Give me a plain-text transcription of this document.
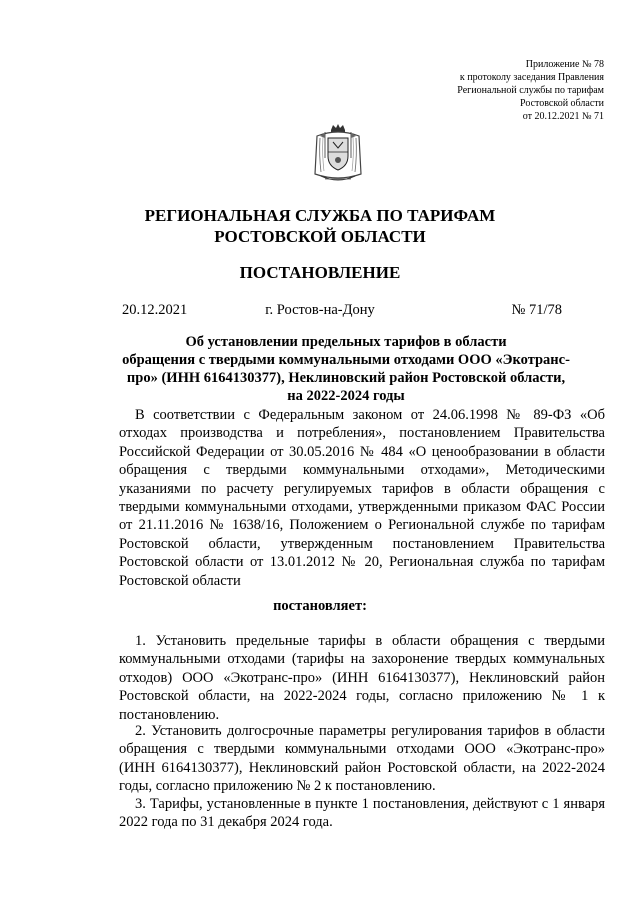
Приложение № 78
к протоколу заседания Правления
Региональной службы по тарифам
Ростовской области
от 20.12.2021 № 71
РЕГИОНАЛЬНАЯ СЛУЖБА ПО ТАРИФАМ
РОСТОВСКОЙ ОБЛАСТИ
ПОСТАНОВЛЕНИЕ
20.12.2021	г. Ростов-на-Дону	№ 71/78
Об установлении предельных тарифов в области
обращения с твердыми коммунальными отходами ООО «Экотранс-
про» (ИНН 6164130377), Неклиновский район Ростовской области,
на 2022-2024 годы
В соответствии с Федеральным законом от 24.06.1998 № 89-ФЗ «Об отходах производства и потребления», постановлением Правительства Российской Федерации от 30.05.2016 № 484 «О ценообразовании в области обращения с твердыми коммунальными отходами», Методическими указаниями по расчету регулируемых тарифов в области обращения с твердыми коммунальными отходами, утвержденными приказом ФАС России от 21.11.2016 № 1638/16, Положением о Региональной службе по тарифам Ростовской области, утвержденным постановлением Правительства Ростовской области от 13.01.2012 № 20, Региональная служба по тарифам Ростовской области
постановляет:
1. Установить предельные тарифы в области обращения с твердыми коммунальными отходами (тарифы на захоронение твердых коммунальных отходов) ООО «Экотранс-про» (ИНН 6164130377), Неклиновский район Ростовской области, на 2022-2024 годы, согласно приложению № 1 к постановлению.
2. Установить долгосрочные параметры регулирования тарифов в области обращения с твердыми коммунальными отходами ООО «Экотранс-про» (ИНН 6164130377), Неклиновский район Ростовской области, на 2022-2024 годы, согласно приложению № 2 к постановлению.
3. Тарифы, установленные в пункте 1 постановления, действуют с 1 января 2022 года по 31 декабря 2024 года.
